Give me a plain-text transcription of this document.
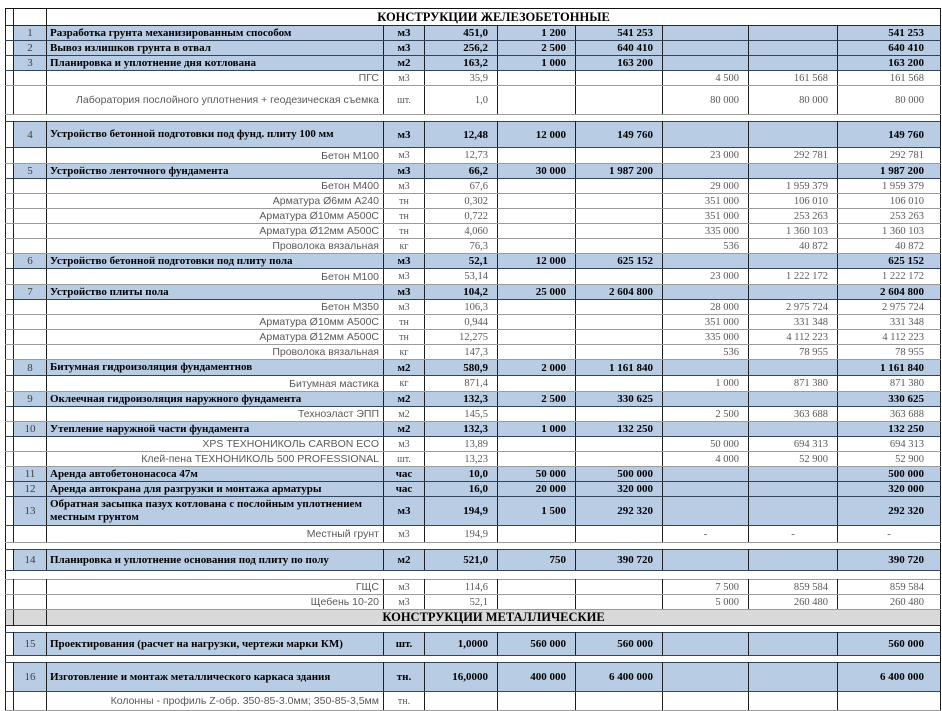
		КОНСТРУКЦИИ ЖЕЛЕЗОБЕТОННЫЕ							
	1	Разработка грунта механизированным способом	м3	451,0	1 200	541 253			541 253
	2	Вывоз излишков грунта в отвал	м3	256,2	2 500	640 410			640 410
	3	Планировка и уплотнение дня котлована	м2	163,2	1 000	163 200			163 200
		ПГС	м3	35,9			4 500	161 568	161 568
		Лаборатория послойного уплотнения + геодезическая съемка	шт.	1,0			80 000	80 000	80 000

	4	Устройство бетонной подготовки под фунд. плиту 100 мм	м3	12,48	12 000	149 760			149 760
		Бетон М100	м3	12,73			23 000	292 781	292 781
	5	Устройство ленточного фундамента	м3	66,2	30 000	1 987 200			1 987 200
		Бетон М400	м3	67,6			29 000	1 959 379	1 959 379
		Арматура Ø6мм А240	тн	0,302			351 000	106 010	106 010
		Арматура Ø10мм А500С	тн	0,722			351 000	253 263	253 263
		Арматура Ø12мм А500С	тн	4,060			335 000	1 360 103	1 360 103
		Проволока вязальная	кг	76,3			536	40 872	40 872
	6	Устройство бетонной подготовки под плиту пола	м3	52,1	12 000	625 152			625 152
		Бетон М100	м3	53,14			23 000	1 222 172	1 222 172
	7	Устройство плиты пола	м3	104,2	25 000	2 604 800			2 604 800
		Бетон М350	м3	106,3			28 000	2 975 724	2 975 724
		Арматура Ø10мм А500С	тн	0,944			351 000	331 348	331 348
		Арматура Ø12мм А500С	тн	12,275			335 000	4 112 223	4 112 223
		Проволока вязальная	кг	147,3			536	78 955	78 955
	8	Битумная гидроизоляция фундаментнов	м2	580,9	2 000	1 161 840			1 161 840
		Битумная мастика	кг	871,4			1 000	871 380	871 380
	9	Оклеечная гидроизоляция наружного фундамента	м2	132,3	2 500	330 625			330 625
		Техноэласт ЭПП	м2	145,5			2 500	363 688	363 688
	10	Утепление наружной части фундамента	м2	132,3	1 000	132 250			132 250
		XPS ТЕХНОНИКОЛЬ CARBON ECO	м3	13,89			50 000	694 313	694 313
		Клей-пена ТЕХНОНИКОЛЬ 500 PROFESSIONAL	шт.	13,23			4 000	52 900	52 900
	11	Аренда автобетононасоса 47м	час	10,0	50 000	500 000			500 000
	12	Аренда автокрана для разгрузки и монтажа арматуры	час	16,0	20 000	320 000			320 000
	13	Обратная засыпка пазух котлована с послойным уплотнением местным грунтом	м3	194,9	1 500	292 320			292 320
		Местный грунт	м3	194,9			-	-	-

	14	Планировка и уплотнение основания под плиту по полу	м2	521,0	750	390 720			390 720

		ГЩС	м3	114,6			7 500	859 584	859 584
		Щебень 10-20	м3	52,1			5 000	260 480	260 480
		КОНСТРУКЦИИ МЕТАЛЛИЧЕСКИЕ							

	15	Проектирования (расчет на нагрузки, чертежи марки КМ)	шт.	1,0000	560 000	560 000			560 000

	16	Изготовление и монтаж металлического каркаса здания	тн.	16,0000	400 000	6 400 000			6 400 000
		Колонны - профиль Z-обр. 350-85-3.0мм; 350-85-3,5мм	тн.						
